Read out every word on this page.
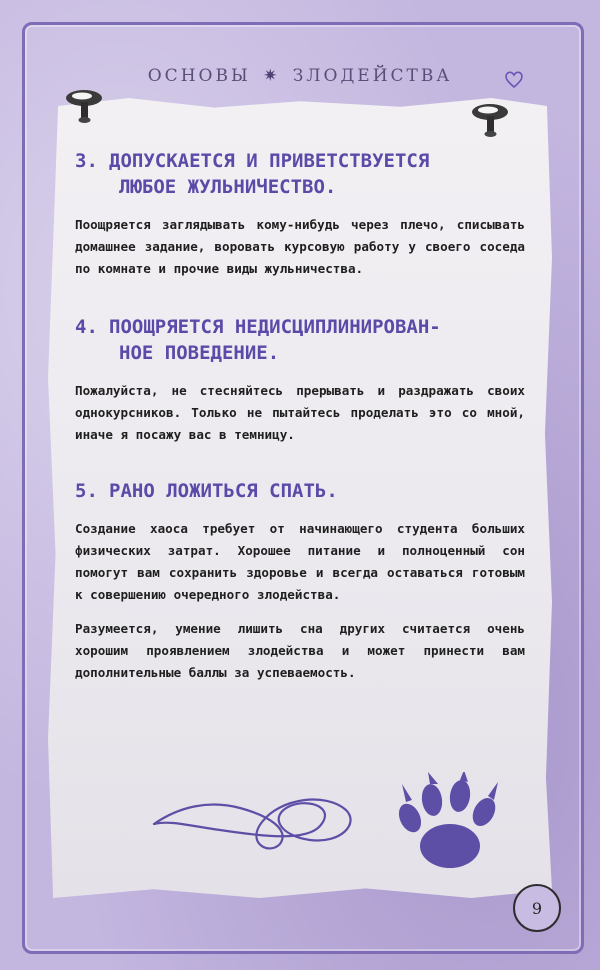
ОСНОВЫ ✷ ЗЛОДЕЙСТВА
3. ДОПУСКАЕТСЯ И ПРИВЕТСТВУЕТСЯ
ЛЮБОЕ ЖУЛЬНИЧЕСТВО.

Поощряется заглядывать кому-нибудь через плечо, списывать домашнее задание, воровать курсовую работу у своего соседа по комнате и прочие виды жульничества.

4. ПООЩРЯЕТСЯ НЕДИСЦИПЛИНИРОВАН-
НОЕ ПОВЕДЕНИЕ.

Пожалуйста, не стесняйтесь прерывать и раздражать своих однокурсников. Только не пытайтесь проделать это со мной, иначе я посажу вас в темницу.

5. РАНО ЛОЖИТЬСЯ СПАТЬ.

Создание хаоса требует от начинающего студента больших физических затрат. Хорошее питание и полноценный сон помогут вам сохранить здоровье и всегда оставаться готовым к совершению очередного злодейства.

Разумеется, умение лишить сна других считается очень хорошим проявлением злодейства и может принести вам дополнительные баллы за успеваемость.

9
